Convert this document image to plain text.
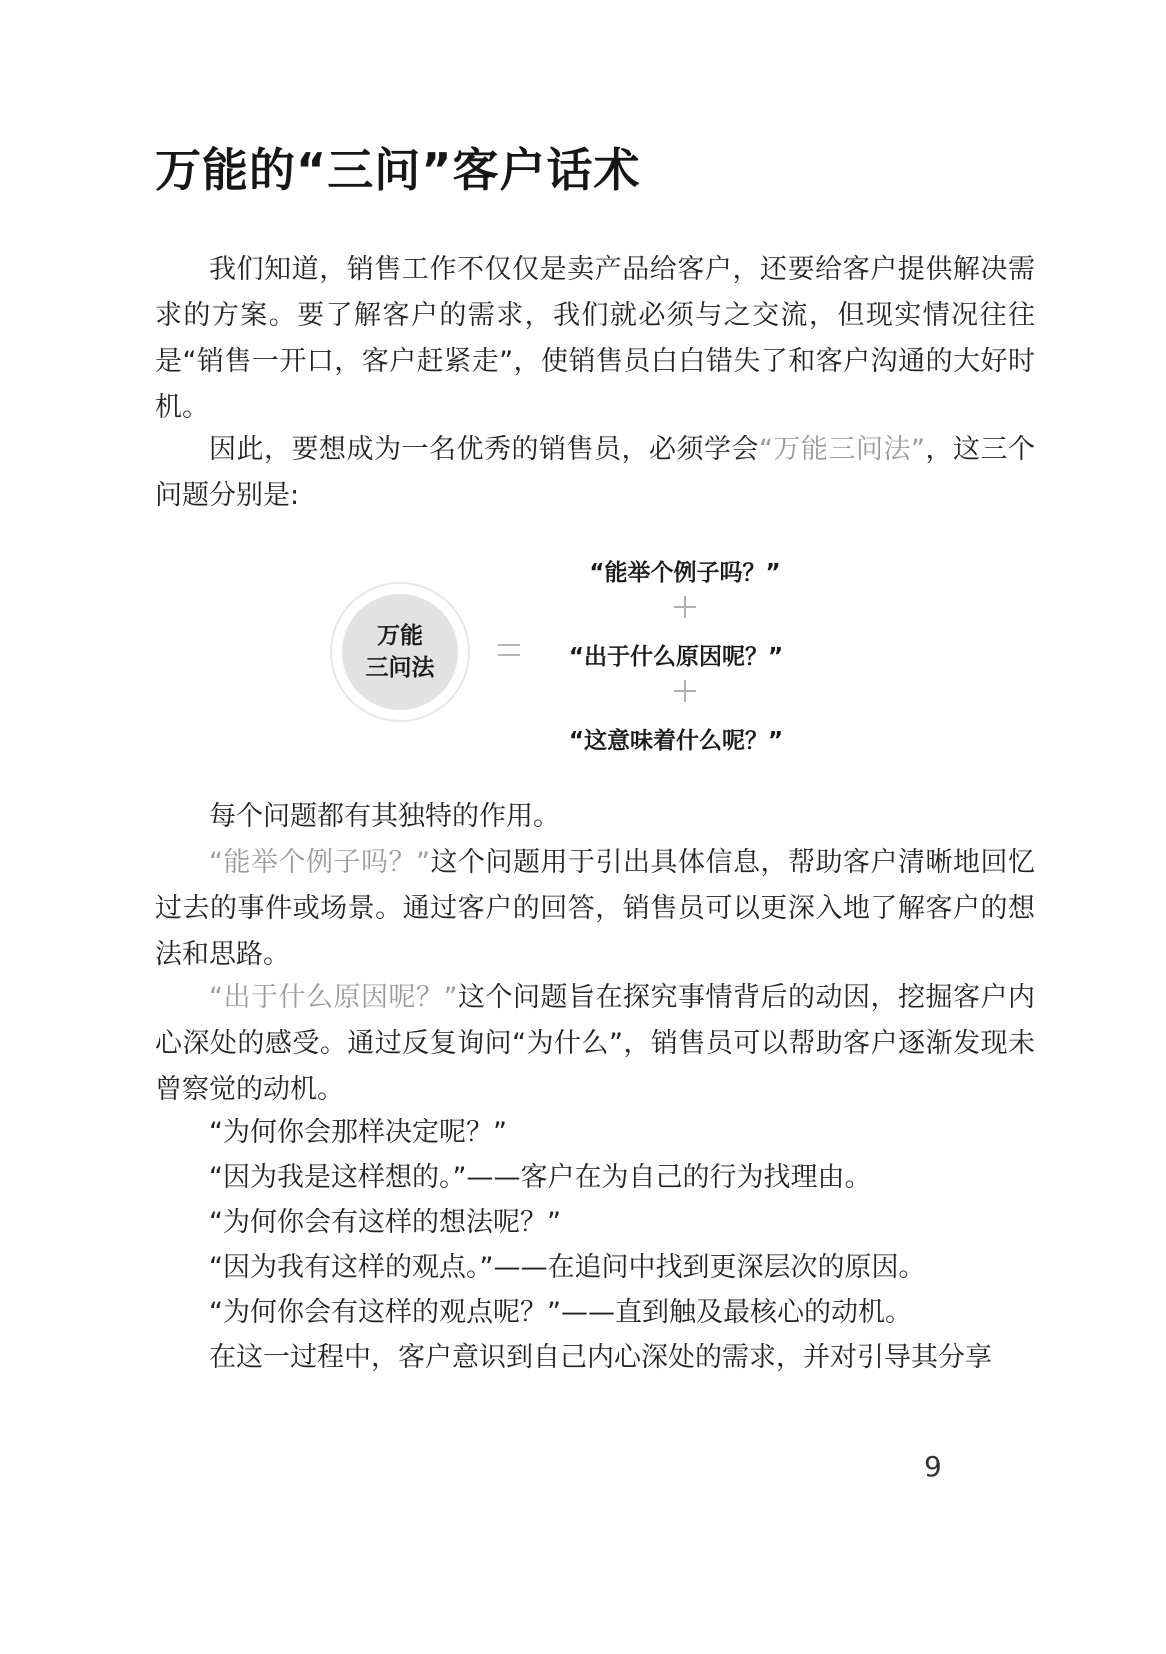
万能的“三问”客户话术

我们知道，销售工作不仅仅是卖产品给客户，还要给客户提供解决需求的方案。要了解客户的需求，我们就必须与之交流，但现实情况往往是“销售一开口，客户赶紧走”，使销售员白白错失了和客户沟通的大好时机。

因此，要想成为一名优秀的销售员，必须学会“万能三问法”，这三个问题分别是:

万能
三问法
“能举个例子吗？”
“出于什么原因呢？”
“这意味着什么呢？”

每个问题都有其独特的作用。

“能举个例子吗？”这个问题用于引出具体信息，帮助客户清晰地回忆过去的事件或场景。通过客户的回答，销售员可以更深入地了解客户的想法和思路。

“出于什么原因呢？”这个问题旨在探究事情背后的动因，挖掘客户内心深处的感受。通过反复询问“为什么”，销售员可以帮助客户逐渐发现未曾察觉的动机。

“为何你会那样决定呢？”
“因为我是这样想的。”——客户在为自己的行为找理由。
“为何你会有这样的想法呢？”
“因为我有这样的观点。”——在追问中找到更深层次的原因。
“为何你会有这样的观点呢？”——直到触及最核心的动机。
在这一过程中，客户意识到自己内心深处的需求，并对引导其分享
9
